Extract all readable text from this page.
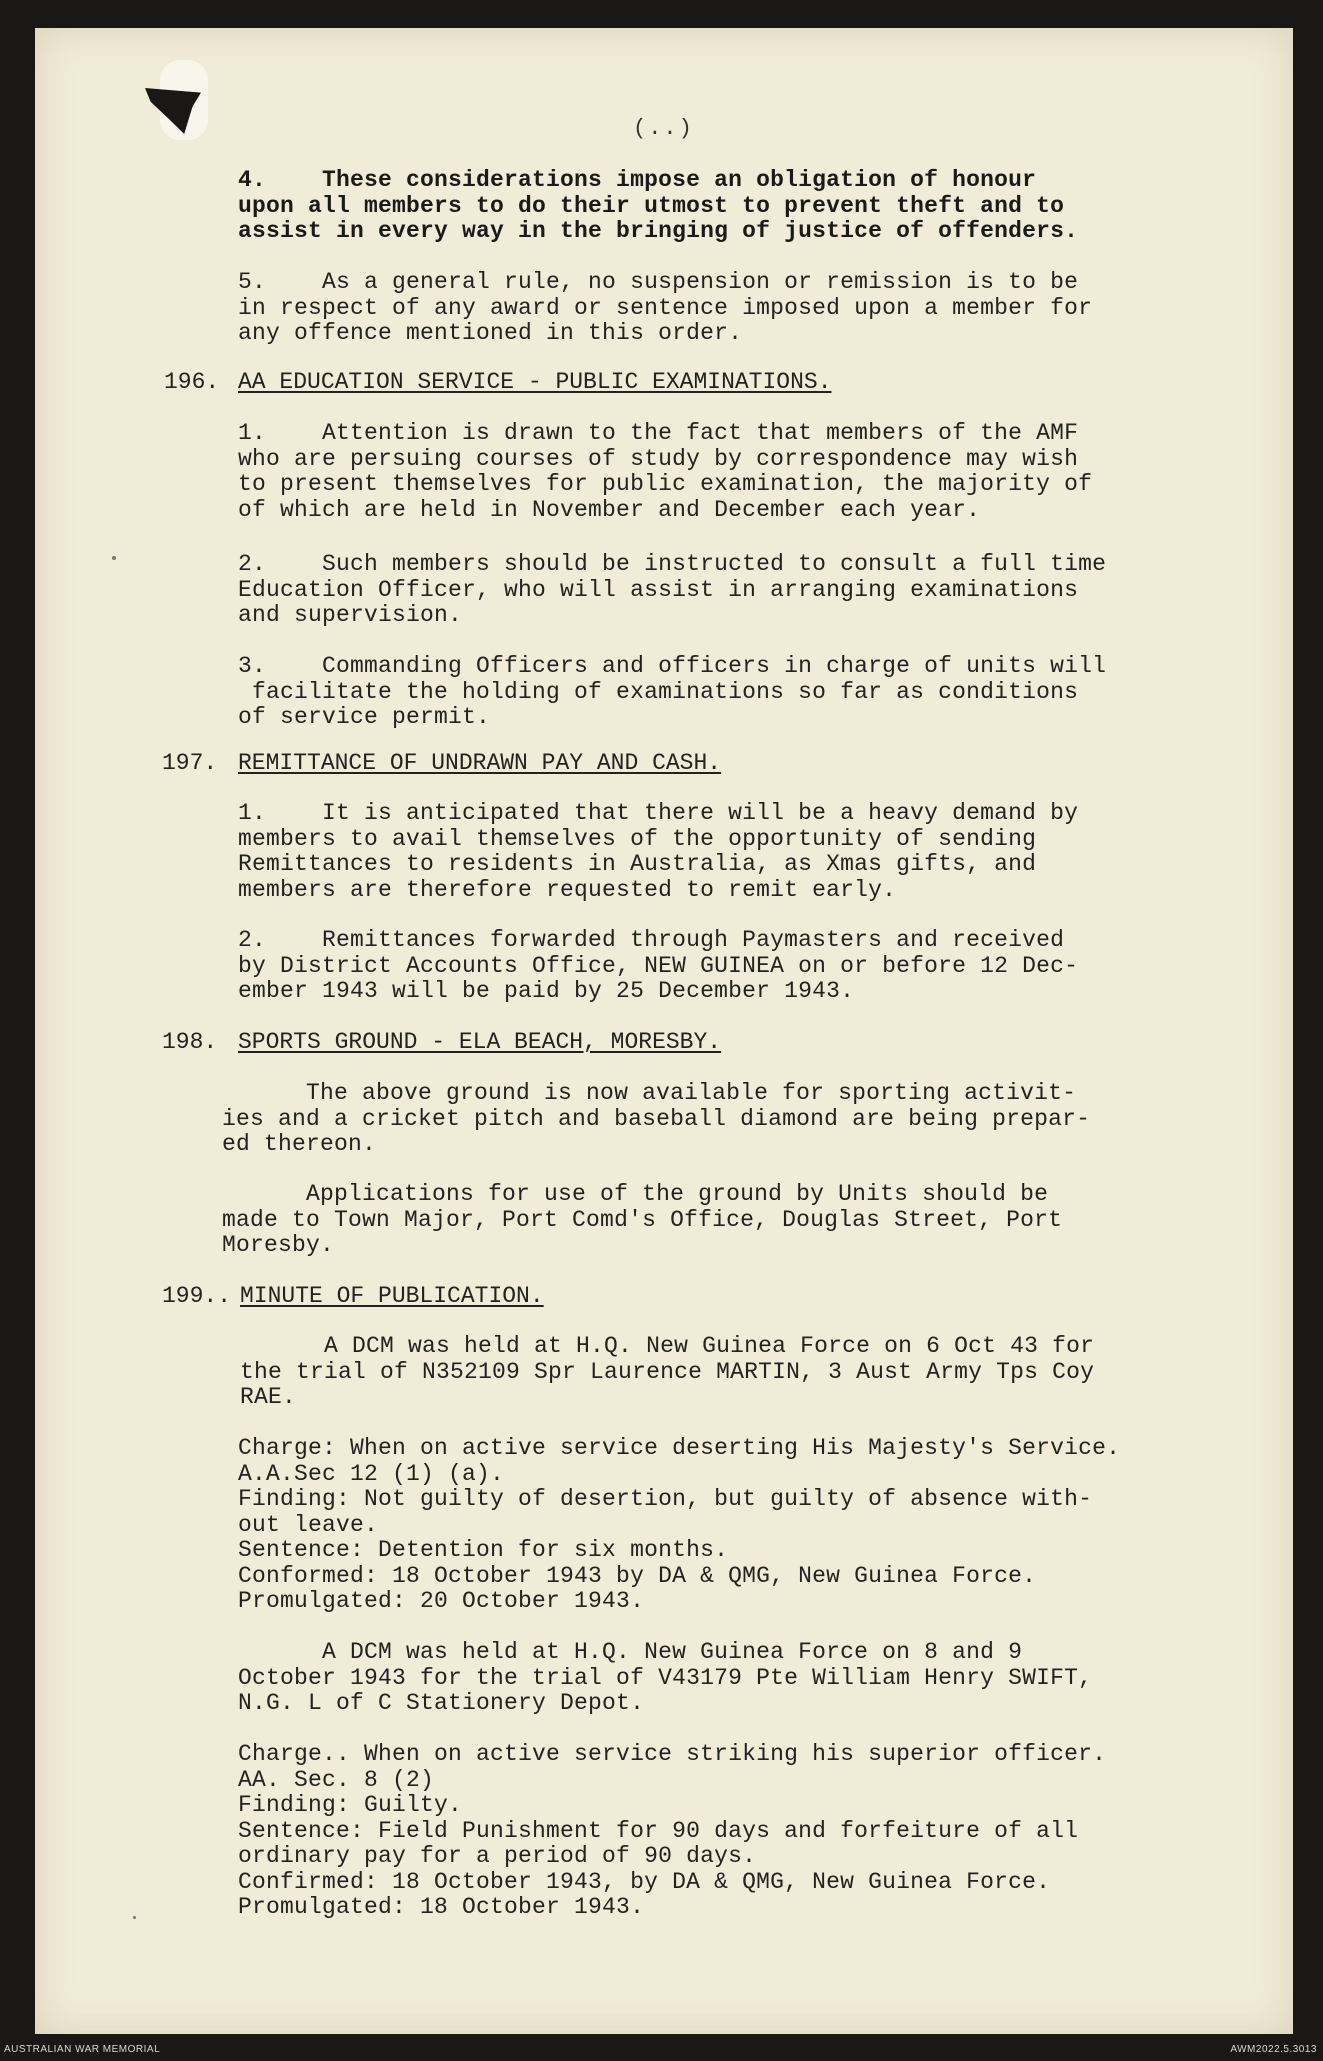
(..)

4.    These considerations impose an obligation of honour
upon all members to do their utmost to prevent theft and to
assist in every way in the bringing of justice of offenders.

5.    As a general rule, no suspension or remission is to be
in respect of any award or sentence imposed upon a member for
any offence mentioned in this order.

196. AA EDUCATION SERVICE - PUBLIC EXAMINATIONS.

1.    Attention is drawn to the fact that members of the AMF
who are persuing courses of study by correspondence may wish
to present themselves for public examination, the majority of
of which are held in November and December each year.

2.    Such members should be instructed to consult a full time
Education Officer, who will assist in arranging examinations
and supervision.

3.    Commanding Officers and officers in charge of units will
facilitate the holding of examinations so far as conditions
of service permit.

197. REMITTANCE OF UNDRAWN PAY AND CASH.

1.    It is anticipated that there will be a heavy demand by
members to avail themselves of the opportunity of sending
Remittances to residents in Australia, as Xmas gifts, and
members are therefore requested to remit early.

2.    Remittances forwarded through Paymasters and received
by District Accounts Office, NEW GUINEA on or before 12 Dec-
ember 1943 will be paid by 25 December 1943.

198. SPORTS GROUND - ELA BEACH, MORESBY.

The above ground is now available for sporting activit-
ies and a cricket pitch and baseball diamond are being prepar-
ed thereon.

Applications for use of the ground by Units should be
made to Town Major, Port Comd's Office, Douglas Street, Port
Moresby.

199.. MINUTE OF PUBLICATION.

A DCM was held at H.Q. New Guinea Force on 6 Oct 43 for
the trial of N352109 Spr Laurence MARTIN, 3 Aust Army Tps Coy
RAE.

Charge: When on active service deserting His Majesty's Service.
A.A.Sec 12 (1) (a).
Finding: Not guilty of desertion, but guilty of absence with-
out leave.
Sentence: Detention for six months.
Conformed: 18 October 1943 by DA & QMG, New Guinea Force.
Promulgated: 20 October 1943.

A DCM was held at H.Q. New Guinea Force on 8 and 9
October 1943 for the trial of V43179 Pte William Henry SWIFT,
N.G. L of C Stationery Depot.

Charge.. When on active service striking his superior officer.
AA. Sec. 8 (2)
Finding: Guilty.
Sentence: Field Punishment for 90 days and forfeiture of all
ordinary pay for a period of 90 days.
Confirmed: 18 October 1943, by DA & QMG, New Guinea Force.
Promulgated: 18 October 1943.

AUSTRALIAN WAR MEMORIAL	AWM2022.5.3013
